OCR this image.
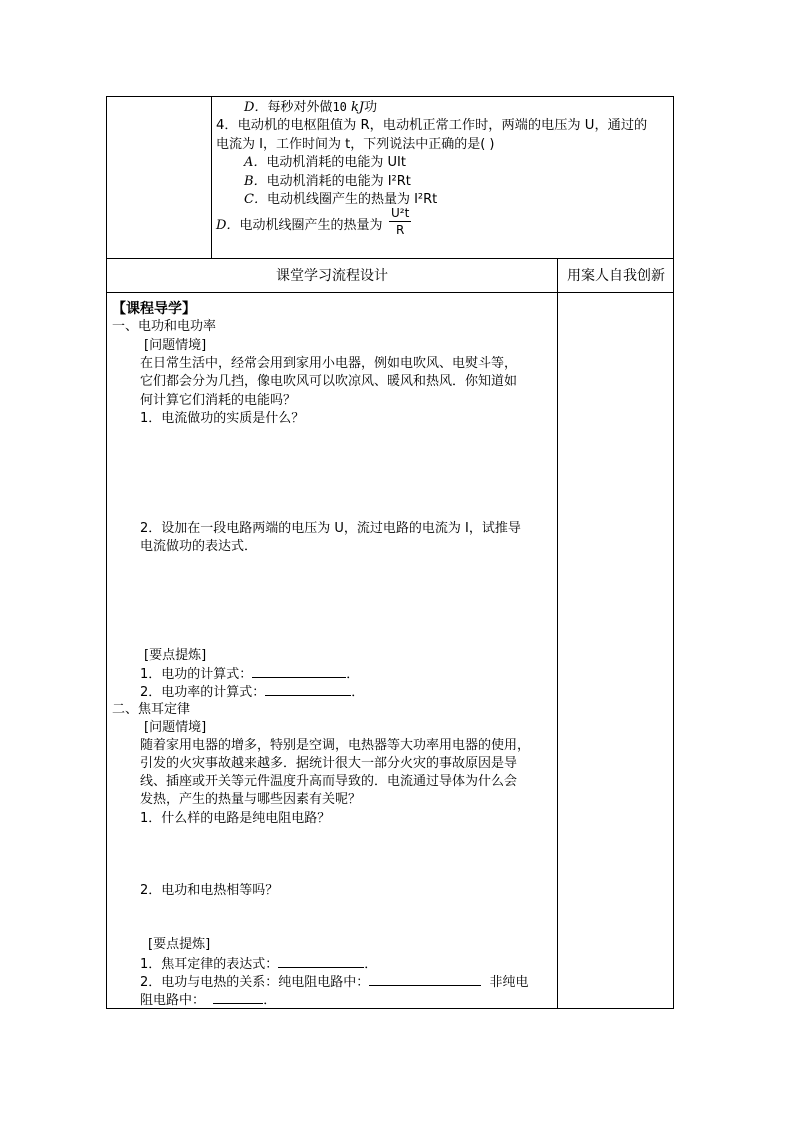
D．每秒对外做10 kJ功
4．电动机的电枢阻值为 R，电动机正常工作时，两端的电压为 U，通过的
电流为 I，工作时间为 t，下列说法中正确的是( )
A．电动机消耗的电能为 UIt
B．电动机消耗的电能为 I²Rt
C．电动机线圈产生的热量为 I²Rt
D．电动机线圈产生的热量为 $\frac{\text{U²t}}{R}$
课堂学习流程设计	用案人自我创新
【课程导学】
一、电功和电功率
[问题情境]
在日常生活中，经常会用到家用小电器，例如电吹风、电熨斗等，
它们都会分为几挡，像电吹风可以吹凉风、暖风和热风．你知道如
何计算它们消耗的电能吗？
1．电流做功的实质是什么？
2．设加在一段电路两端的电压为 U，流过电路的电流为 I，试推导
电流做功的表达式．
[要点提炼]
1．电功的计算式：	．
2．电功率的计算式：	．
二、焦耳定律
[问题情境]
随着家用电器的增多，特别是空调，电热器等大功率用电器的使用，
引发的火灾事故越来越多．据统计很大一部分火灾的事故原因是导
线、插座或开关等元件温度升高而导致的．电流通过导体为什么会
发热，产生的热量与哪些因素有关呢？
1．什么样的电路是纯电阻电路？
2．电功和电热相等吗？
[要点提炼]
1．焦耳定律的表达式：	．
2．电功与电热的关系：纯电阻电路中：	非纯电
阻电路中：	．
